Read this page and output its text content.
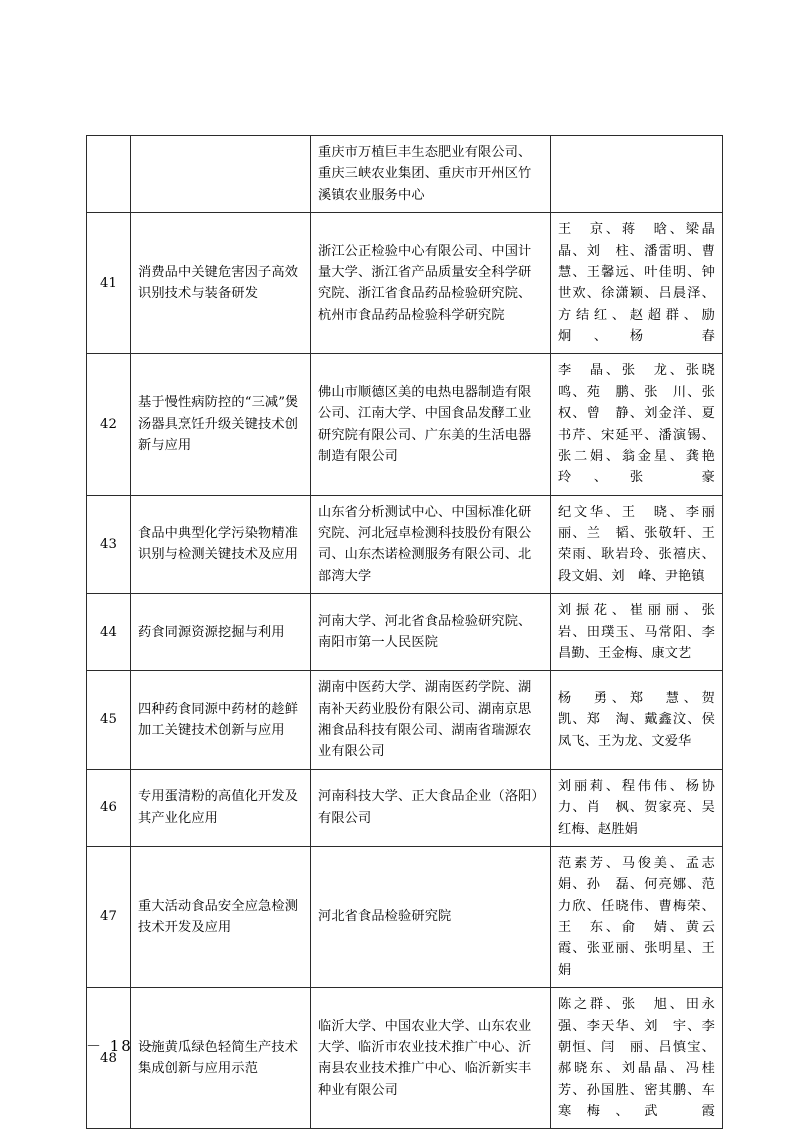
		重庆市万植巨丰生态肥业有限公司、重庆三峡农业集团、重庆市开州区竹溪镇农业服务中心	
41	消费品中关键危害因子高效识别技术与装备研发	浙江公正检验中心有限公司、中国计量大学、浙江省产品质量安全科学研究院、浙江省食品药品检验研究院、杭州市食品药品检验科学研究院	王　京、蒋　晗、梁晶晶、刘　柱、潘雷明、曹　慧、王馨远、叶佳明、钟世欢、徐潇颖、吕晨泽、方结红、赵超群、励　炯、杨　春
42	基于慢性病防控的“三减”煲汤器具烹饪升级关键技术创新与应用	佛山市顺德区美的电热电器制造有限公司、江南大学、中国食品发酵工业研究院有限公司、广东美的生活电器制造有限公司	李　晶、张　龙、张晓鸣、苑　鹏、张　川、张　权、曾　静、刘金洋、夏书芹、宋延平、潘演锡、张二娟、翁金星、龚艳玲、张　豪
43	食品中典型化学污染物精准识别与检测关键技术及应用	山东省分析测试中心、中国标准化研究院、河北冠卓检测科技股份有限公司、山东杰诺检测服务有限公司、北部湾大学	纪文华、王　晓、李丽丽、兰　韬、张敬轩、王荣雨、耿岩玲、张禧庆、段文娟、刘　峰、尹艳镇
44	药食同源资源挖掘与利用	河南大学、河北省食品检验研究院、南阳市第一人民医院	刘振花、崔丽丽、张　岩、田璞玉、马常阳、李昌勤、王金梅、康文艺
45	四种药食同源中药材的趁鲜加工关键技术创新与应用	湖南中医药大学、湖南医药学院、湖南补天药业股份有限公司、湖南京思湘食品科技有限公司、湖南省瑞源农业有限公司	杨　勇、郑　慧、贺　凯、郑　淘、戴鑫汶、侯凤飞、王为龙、文爱华
46	专用蛋清粉的高值化开发及其产业化应用	河南科技大学、正大食品企业（洛阳）有限公司	刘丽莉、程伟伟、杨协力、肖　枫、贺家亮、吴红梅、赵胜娟
47	重大活动食品安全应急检测技术开发及应用	河北省食品检验研究院	范素芳、马俊美、孟志娟、孙　磊、何亮娜、范力欣、任晓伟、曹梅荣、王　东、俞　婧、黄云霞、张亚丽、张明星、王　娟
48	设施黄瓜绿色轻简生产技术集成创新与应用示范	临沂大学、中国农业大学、山东农业大学、临沂市农业技术推广中心、沂南县农业技术推广中心、临沂新实丰种业有限公司	陈之群、张　旭、田永强、李天华、刘　宇、李朝恒、闫　丽、吕慎宝、郝晓东、刘晶晶、冯桂芳、孙国胜、密其鹏、车寒梅、武　霞
－ 18 －
